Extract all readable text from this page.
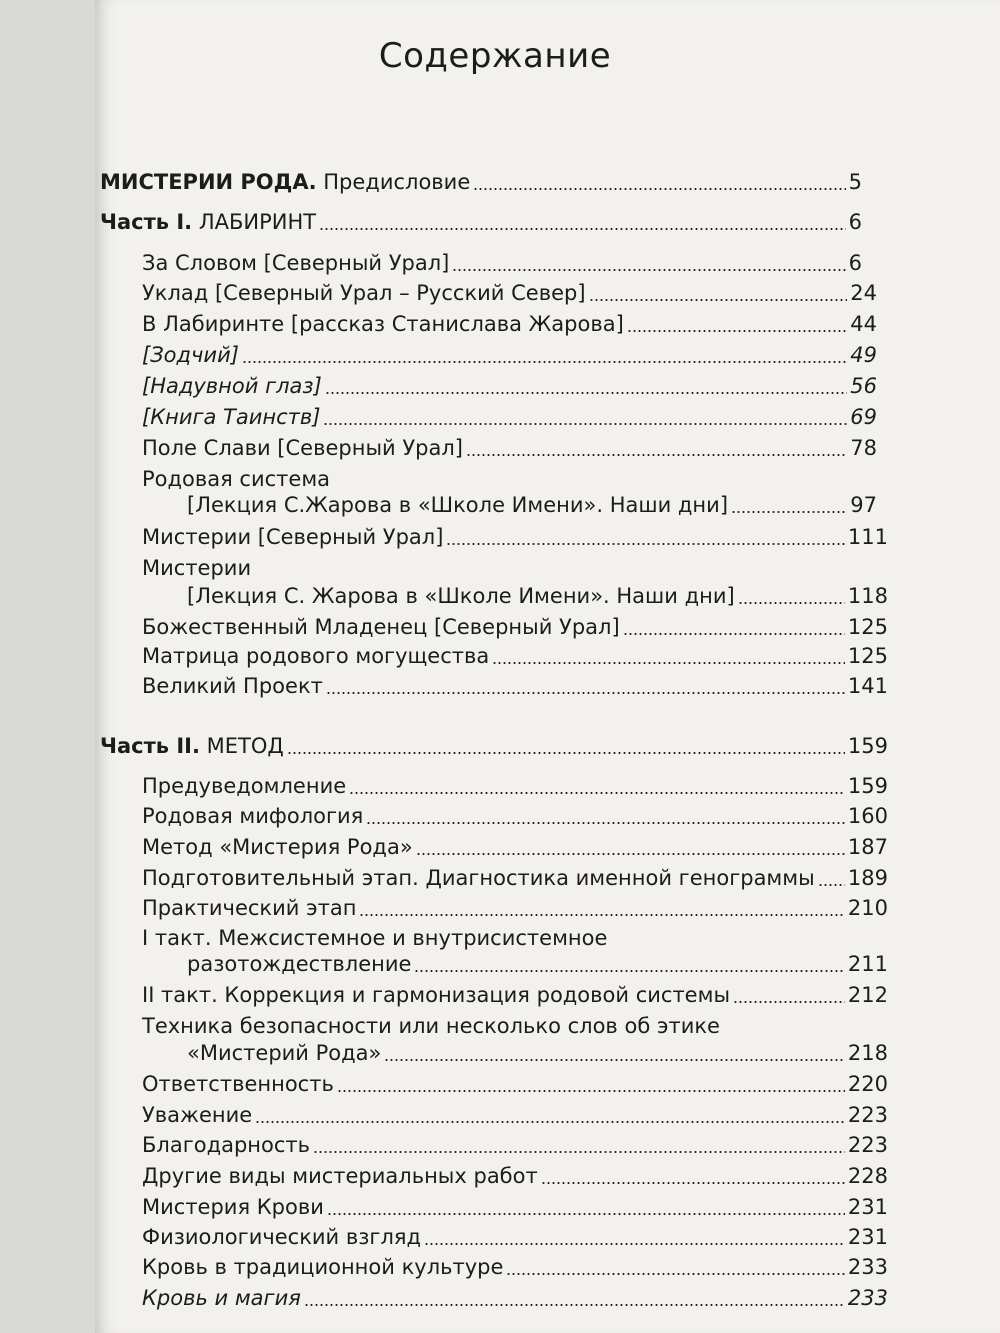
Содержание
МИСТЕРИИ РОДА. Предисловие	5
Часть I. ЛАБИРИНТ	6
За Словом [Северный Урал]	6
Уклад [Северный Урал – Русский Север]	24
В Лабиринте [рассказ Станислава Жарова]	44
[Зодчий]	49
[Надувной глаз]	56
[Книга Таинств]	69
Поле Слави [Северный Урал]	78
Родовая система
[Лекция С.Жарова в «Школе Имени». Наши дни]	97
Мистерии [Северный Урал]	111
Мистерии
[Лекция С. Жарова в «Школе Имени». Наши дни]	118
Божественный Младенец [Северный Урал]	125
Матрица родового могущества	125
Великий Проект	141
Часть II. МЕТОД	159
Предуведомление	159
Родовая мифология	160
Метод «Мистерия Рода»	187
Подготовительный этап. Диагностика именной генограммы 189
Практический этап	210
I такт. Межсистемное и внутрисистемное
разотождествление	211
II такт. Коррекция и гармонизация родовой системы	212
Техника безопасности или несколько слов об этике
«Мистерий Рода»	218
Ответственность	220
Уважение	223
Благодарность	223
Другие виды мистериальных работ	228
Мистерия Крови	231
Физиологический взгляд	231
Кровь в традиционной культуре	233
Кровь и магия	233
